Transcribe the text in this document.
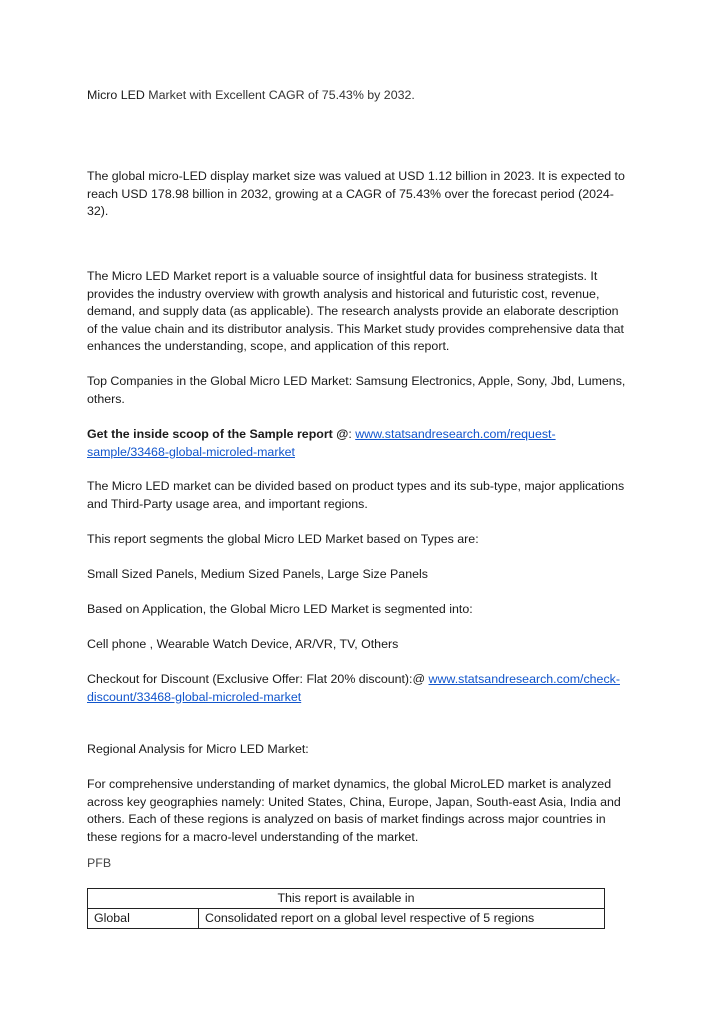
Micro LED Market with Excellent CAGR of 75.43% by 2032.

The global micro-LED display market size was valued at USD 1.12 billion in 2023. It is expected to reach USD 178.98 billion in 2032, growing at a CAGR of 75.43% over the forecast period (2024-32).

The Micro LED Market report is a valuable source of insightful data for business strategists. It provides the industry overview with growth analysis and historical and futuristic cost, revenue, demand, and supply data (as applicable). The research analysts provide an elaborate description of the value chain and its distributor analysis. This Market study provides comprehensive data that enhances the understanding, scope, and application of this report.

Top Companies in the Global Micro LED Market: Samsung Electronics, Apple, Sony, Jbd, Lumens, others.

Get the inside scoop of the Sample report @: www.statsandresearch.com/request-sample/33468-global-microled-market

The Micro LED market can be divided based on product types and its sub-type, major applications and Third-Party usage area, and important regions.

This report segments the global Micro LED Market based on Types are:

Small Sized Panels, Medium Sized Panels, Large Size Panels

Based on Application, the Global Micro LED Market is segmented into:

Cell phone , Wearable Watch Device, AR/VR, TV, Others

Checkout for Discount (Exclusive Offer: Flat 20% discount):@ www.statsandresearch.com/check-discount/33468-global-microled-market

Regional Analysis for Micro LED Market:

For comprehensive understanding of market dynamics, the global MicroLED market is analyzed across key geographies namely: United States, China, Europe, Japan, South-east Asia, India and others. Each of these regions is analyzed on basis of market findings across major countries in these regions for a macro-level understanding of the market.

PFB

This report is available in
Global	Consolidated report on a global level respective of 5 regions
